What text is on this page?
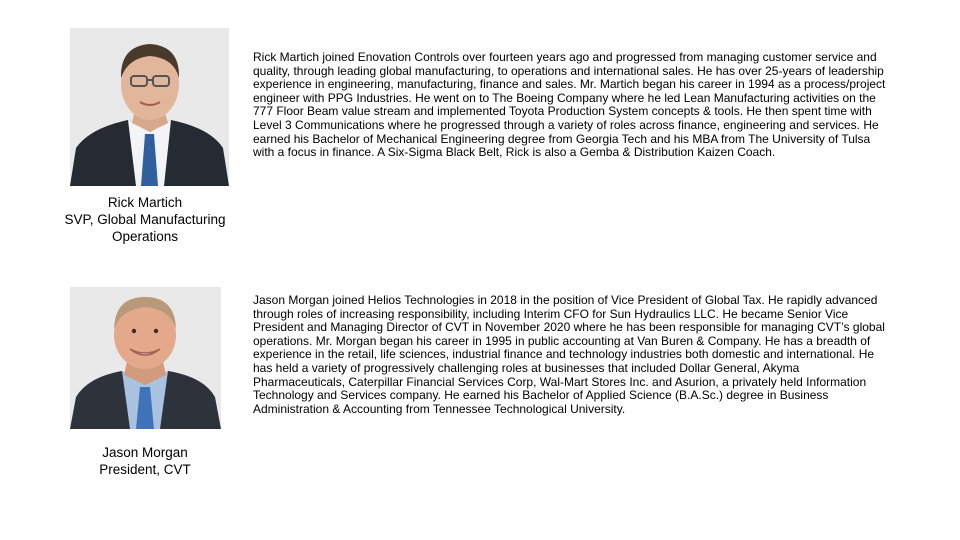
Rick Martich
SVP, Global Manufacturing
Operations

Rick Martich joined Enovation Controls over fourteen years ago and progressed from managing customer service and quality, through leading global manufacturing, to operations and international sales. He has over 25-years of leadership experience in engineering, manufacturing, finance and sales. Mr. Martich began his career in 1994 as a process/project engineer with PPG Industries. He went on to The Boeing Company where he led Lean Manufacturing activities on the 777 Floor Beam value stream and implemented Toyota Production System concepts & tools. He then spent time with Level 3 Communications where he progressed through a variety of roles across finance, engineering and services. He earned his Bachelor of Mechanical Engineering degree from Georgia Tech and his MBA from The University of Tulsa with a focus in finance. A Six-Sigma Black Belt, Rick is also a Gemba & Distribution Kaizen Coach.

Jason Morgan
President, CVT

Jason Morgan joined Helios Technologies in 2018 in the position of Vice President of Global Tax. He rapidly advanced through roles of increasing responsibility, including Interim CFO for Sun Hydraulics LLC. He became Senior Vice President and Managing Director of CVT in November 2020 where he has been responsible for managing CVT’s global operations. Mr. Morgan began his career in 1995 in public accounting at Van Buren & Company. He has a breadth of experience in the retail, life sciences, industrial finance and technology industries both domestic and international. He has held a variety of progressively challenging roles at businesses that included Dollar General, Akyma Pharmaceuticals, Caterpillar Financial Services Corp, Wal-Mart Stores Inc. and Asurion, a privately held Information Technology and Services company. He earned his Bachelor of Applied Science (B.A.Sc.) degree in Business Administration & Accounting from Tennessee Technological University.
